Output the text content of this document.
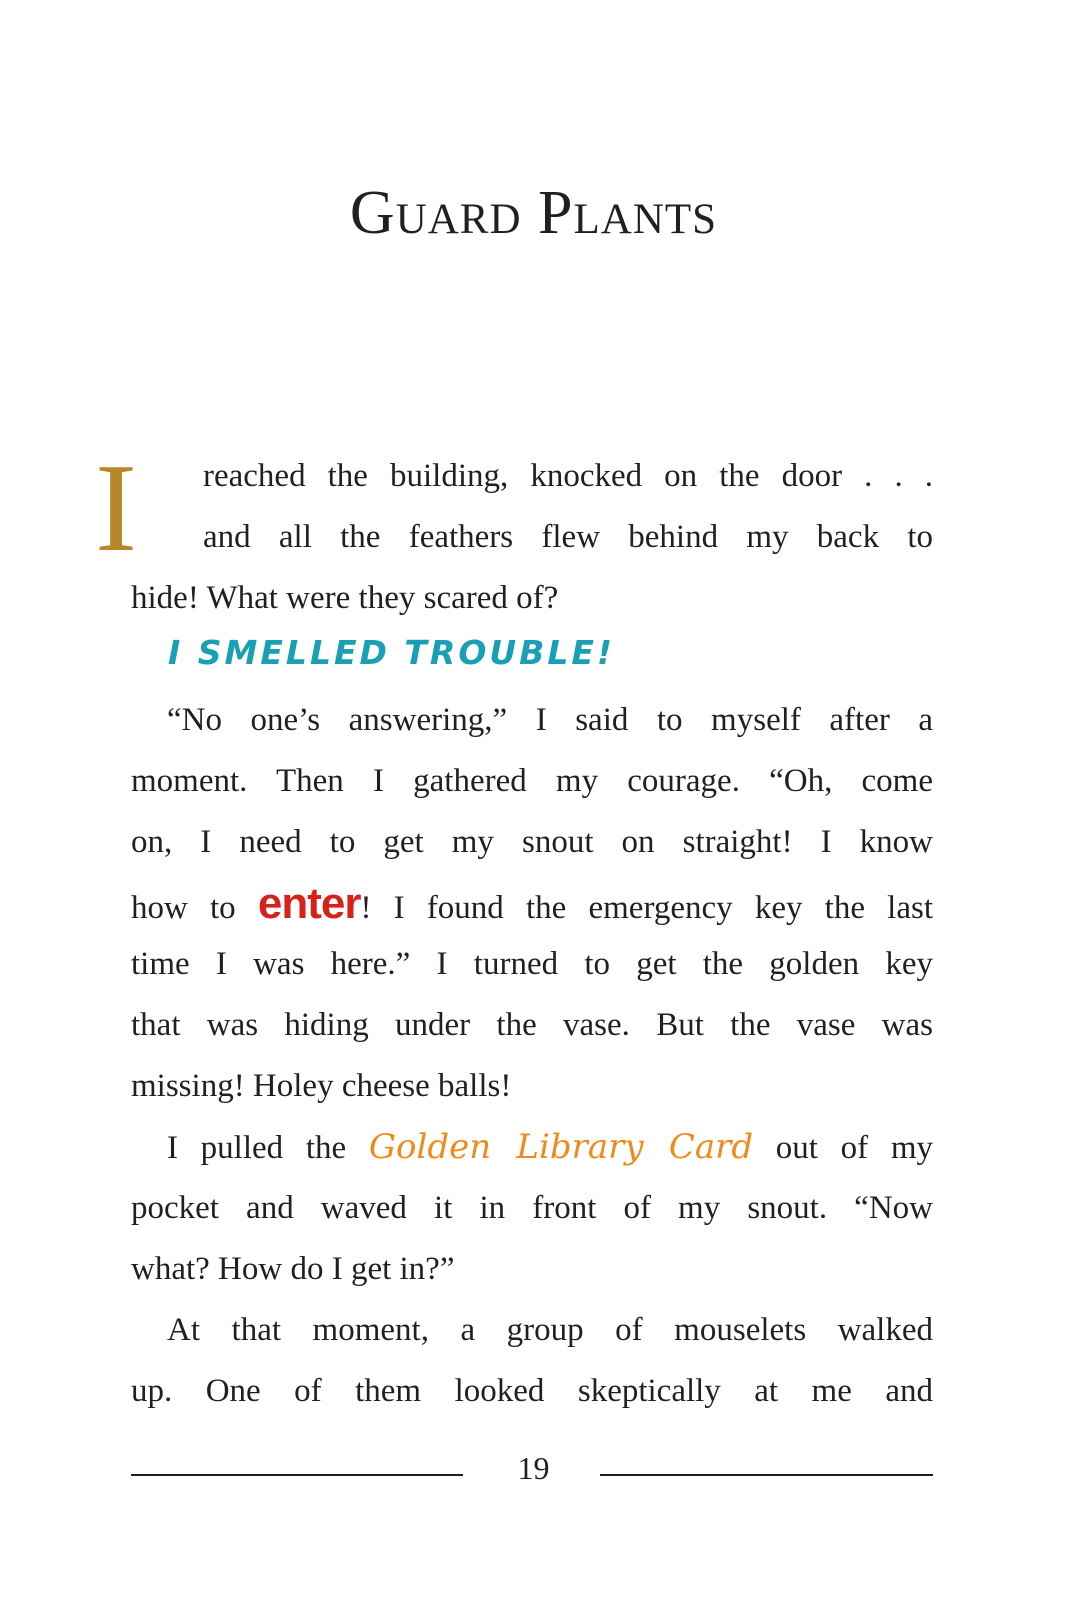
Guard Plants
I	reached the building, knocked on the door . . .
and all the feathers flew behind my back to
hide! What were they scared of?
I SMELLED TROUBLE!
“No one’s answering,” I said to myself after a
moment. Then I gathered my courage. “Oh, come
on, I need to get my snout on straight! I know
how to enter! I found the emergency key the last
time I was here.” I turned to get the golden key
that was hiding under the vase. But the vase was
missing! Holey cheese balls!
I pulled the Golden Library Card out of my
pocket and waved it in front of my snout. “Now
what? How do I get in?”
At that moment, a group of mouselets walked
up. One of them looked skeptically at me and
19
